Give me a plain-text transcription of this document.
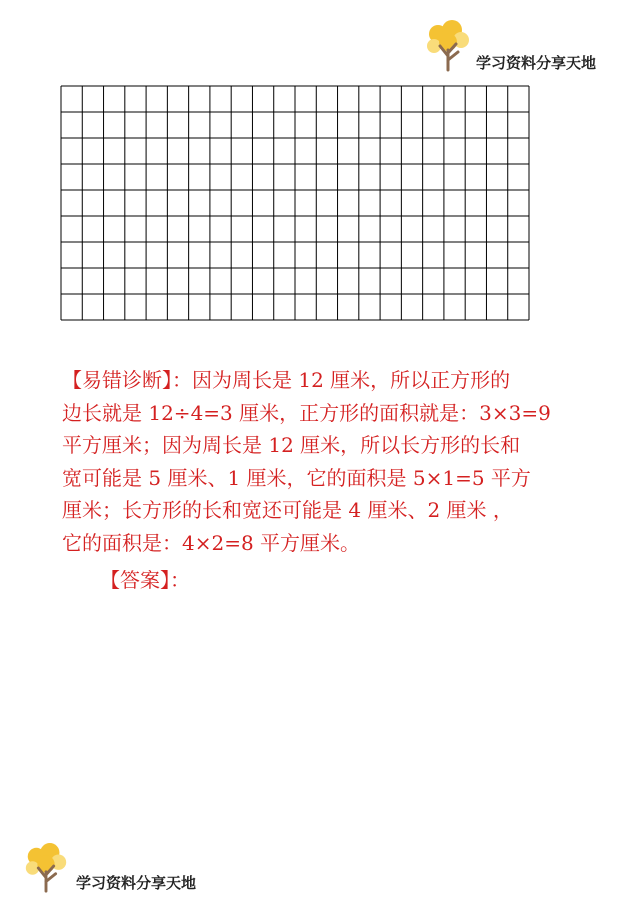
学习资料分享天地
【易错诊断】：因为周长是 12 厘米，所以正方形的
边长就是 12÷4=3 厘米，正方形的面积就是：3×3=9
平方厘米；因为周长是 12 厘米，所以长方形的长和
宽可能是 5 厘米、1 厘米，它的面积是 5×1=5 平方
厘米；长方形的长和宽还可能是 4 厘米、2 厘米 ，
它的面积是：4×2=8 平方厘米。
【答案】：
学习资料分享天地
